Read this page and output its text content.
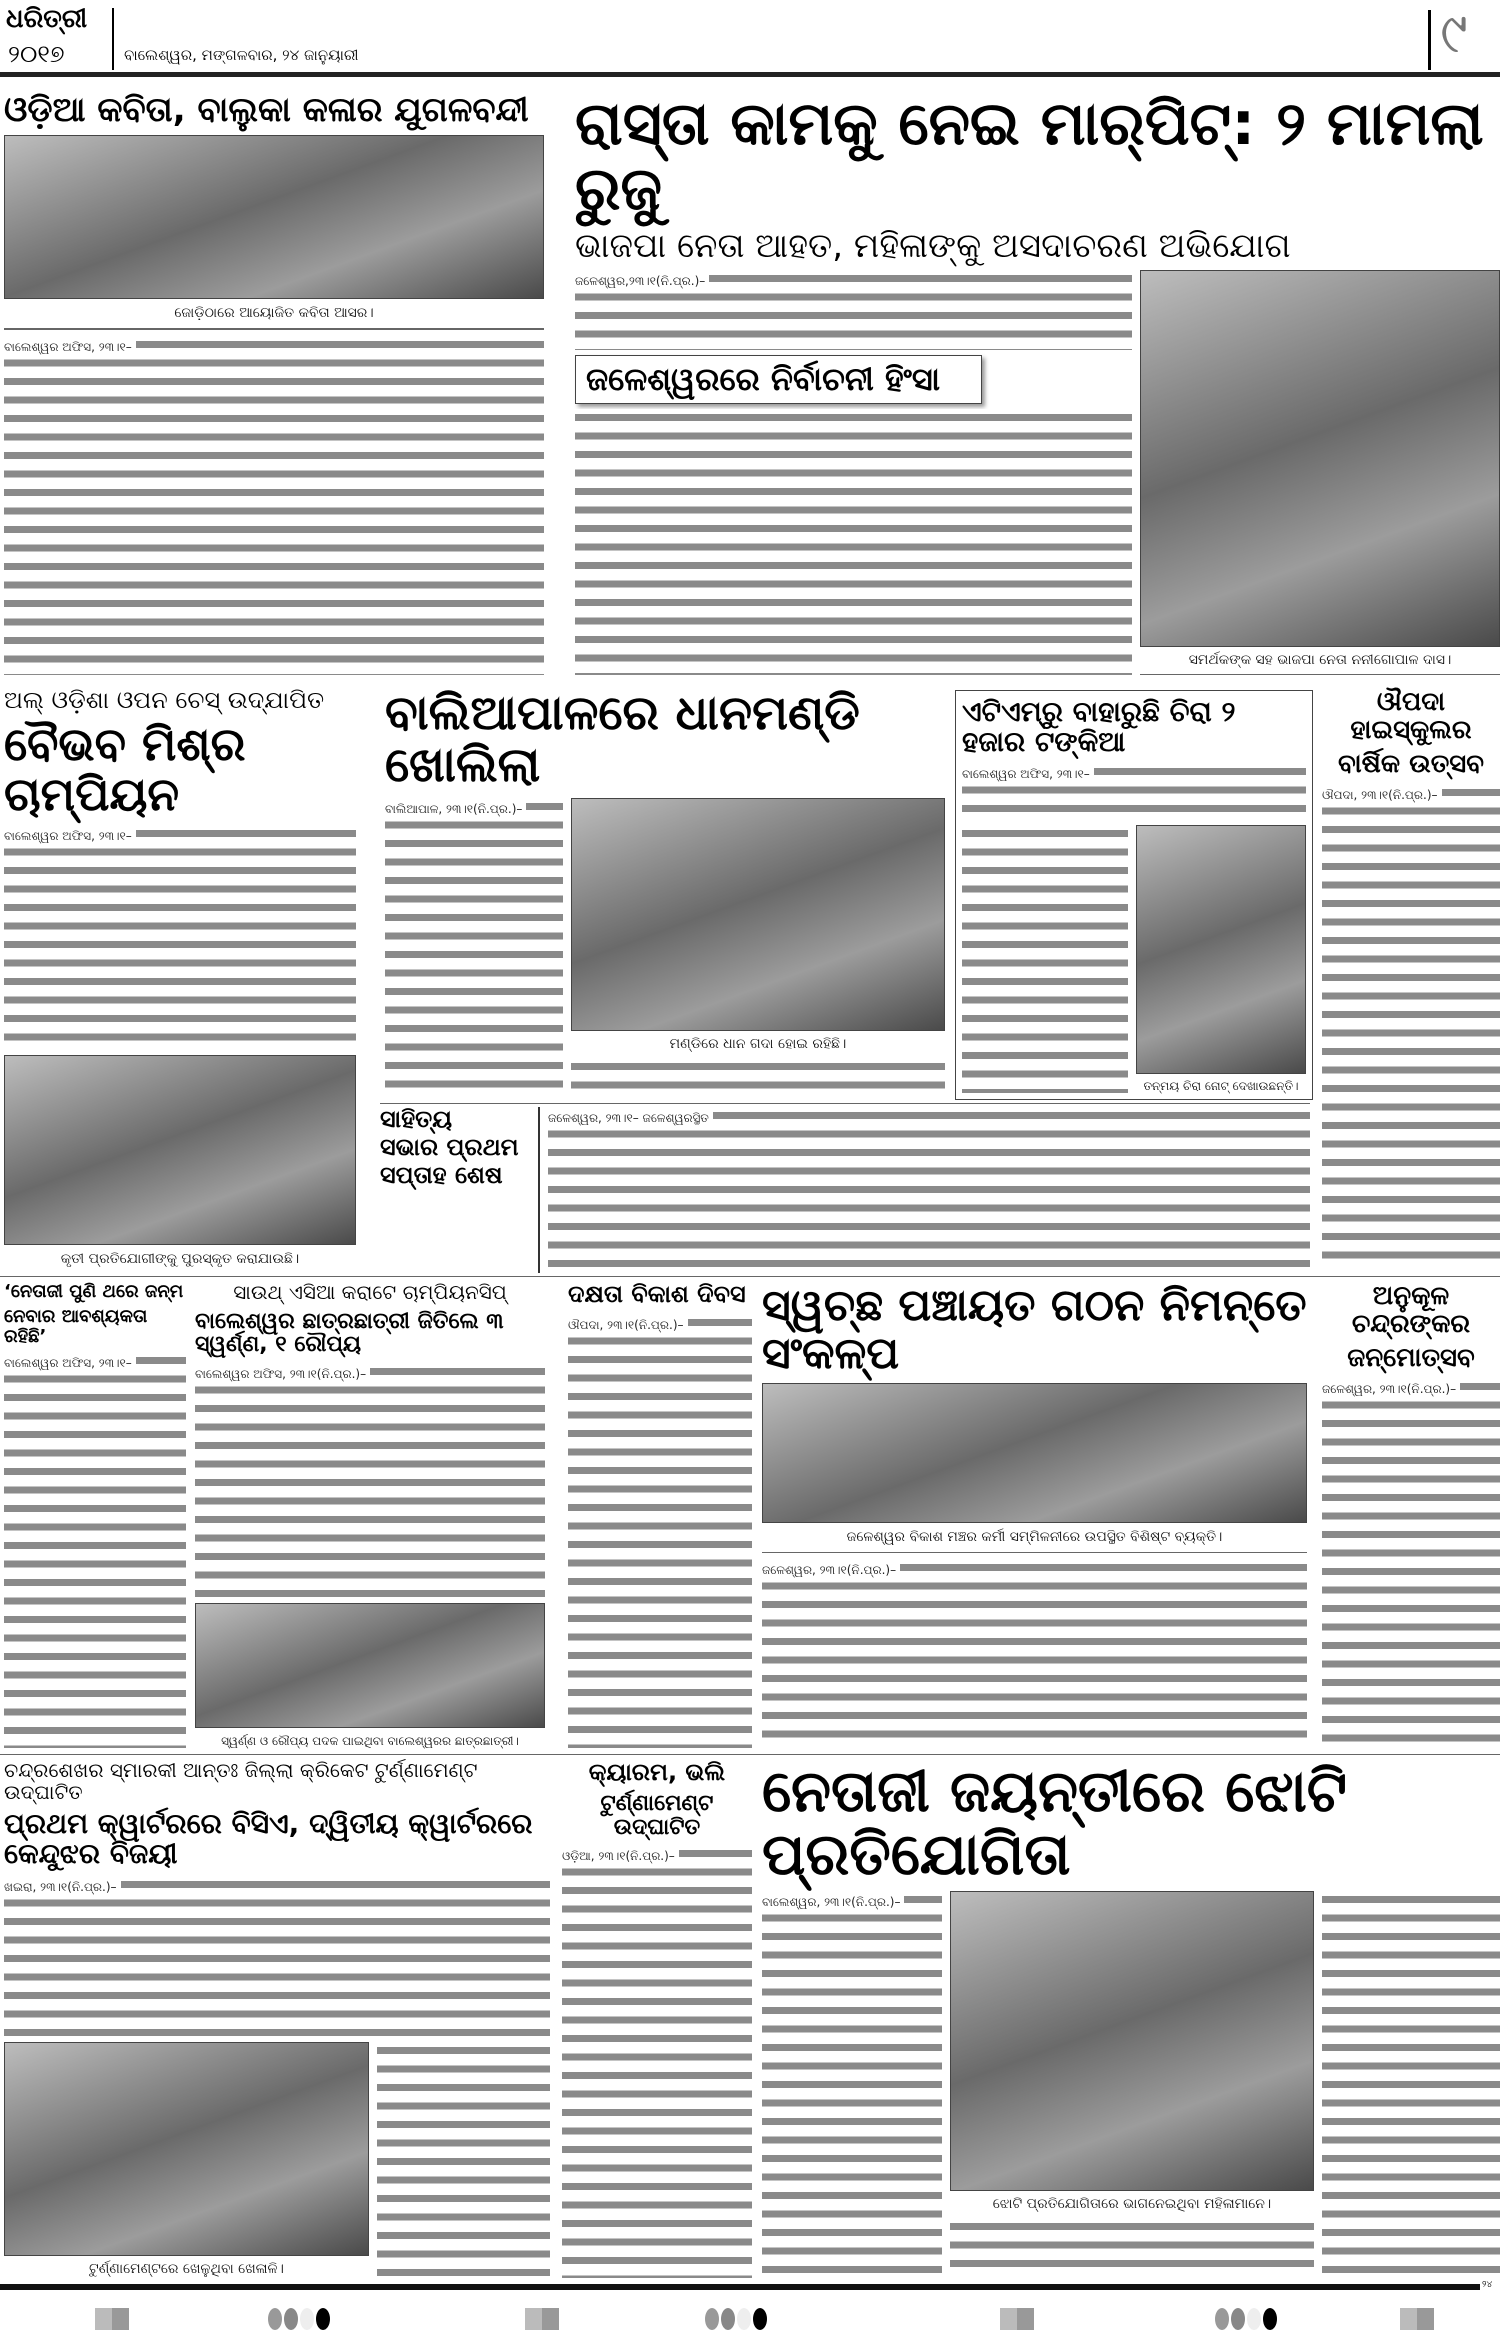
ଧରିତ୍ରୀ
୨୦୧୭	ବାଲେଶ୍ୱର, ମଙ୍ଗଳବାର, ୨୪ ଜାନୁୟାରୀ	୯
ଓଡ଼ିଆ କବିତା, ବାଲୁକା କଳାର ଯୁଗଳବନ୍ଦୀ
ଜୋଡ଼ିଠାରେ ଆୟୋଜିତ କବିତା ଆସର।
ବାଲେଶ୍ୱର ଅଫିସ, ୨୩।୧–
ରାସ୍ତା କାମକୁ ନେଇ ମାର୍‌ପିଟ୍: ୨ ମାମଲା ରୁଜୁ
ଭାଜପା ନେତା ଆହତ, ମହିଳାଙ୍କୁ ଅସଦାଚରଣ ଅଭିଯୋଗ
ଜଳେଶ୍ୱର,୨୩।୧(ନି.ପ୍ର.)–
ଜଳେଶ୍ୱରରେ ନିର୍ବାଚନୀ ହିଂସା
ସମର୍ଥକଙ୍କ ସହ ଭାଜପା ନେତା ନନୀଗୋପାଳ ଦାସ।
ଅଲ୍ ଓଡ଼ିଶା ଓପନ ଚେସ୍ ଉଦ୍‌ଯାପିତ
ବୈଭବ ମିଶ୍ର ଚାମ୍ପିୟନ
ବାଲେଶ୍ୱର ଅଫିସ, ୨୩।୧–
କୃତୀ ପ୍ରତିଯୋଗୀଙ୍କୁ ପୁରସ୍କୃତ କରାଯାଉଛି।
ବାଲିଆପାଳରେ ଧାନମଣ୍ଡି ଖୋଲିଲା
ବାଲିଆପାଳ, ୨୩।୧(ନି.ପ୍ର.)–
ମଣ୍ଡିରେ ଧାନ ଗଦା ହୋଇ ରହିଛି।
ଏଟିଏମ୍‌ରୁ ବାହାରୁଛି ଚିରା ୨ ହଜାର ଟଙ୍କିଆ
ବାଲେଶ୍ୱର ଅଫିସ, ୨୩।୧–
ତନ୍ମୟ ଚିରା ନୋଟ୍ ଦେଖାଉଛନ୍ତି।
ଔପଦା ହାଇସ୍କୁଲର
ବାର୍ଷିକ ଉତ୍ସବ
ଔପଦା, ୨୩।୧(ନି.ପ୍ର.)–
ସାହିତ୍ୟ
ସଭାର ପ୍ରଥମ
ସପ୍ତାହ ଶେଷ
ଜଳେଶ୍ୱର, ୨୩।୧– ଜଳେଶ୍ୱରସ୍ଥିତ
‘ନେତାଜୀ ପୁଣି ଥରେ ଜନ୍ମ
ନେବାର ଆବଶ୍ୟକତା ରହିଛି’
ବାଲେଶ୍ୱର ଅଫିସ, ୨୩।୧–
ସାଉଥ୍ ଏସିଆ କରାଟେ ଚାମ୍ପିୟନସିପ୍
ବାଲେଶ୍ୱର ଛାତ୍ରଛାତ୍ରୀ ଜିତିଲେ ୩ ସ୍ୱର୍ଣ୍ଣ, ୧ ରୌପ୍ୟ
ବାଲେଶ୍ୱର ଅଫିସ, ୨୩।୧(ନି.ପ୍ର.)–
ସ୍ୱର୍ଣ୍ଣ ଓ ରୌପ୍ୟ ପଦକ ପାଇଥିବା ବାଲେଶ୍ୱରର ଛାତ୍ରଛାତ୍ରୀ।
ଦକ୍ଷତା ବିକାଶ ଦିବସ
ଔପଦା, ୨୩।୧(ନି.ପ୍ର.)–	ସ୍ୱଚ୍ଛ ପଞ୍ଚାୟତ ଗଠନ ନିମନ୍ତେ ସଂକଳ୍ପ
ଜଳେଶ୍ୱର ବିକାଶ ମଞ୍ଚର କର୍ମୀ ସମ୍ମିଳନୀରେ ଉପସ୍ଥିତ ବିଶିଷ୍ଟ ବ୍ୟକ୍ତି।
ଜଳେଶ୍ୱର, ୨୩।୧(ନି.ପ୍ର.)–
ଅନୁକୂଳ ଚନ୍ଦ୍ରଙ୍କର
ଜନ୍ମୋତ୍ସବ
ଜଳେଶ୍ୱର, ୨୩।୧(ନି.ପ୍ର.)–
ଚନ୍ଦ୍ରଶେଖର ସ୍ମାରକୀ ଆନ୍ତଃ ଜିଲ୍ଲା କ୍ରିକେଟ ଟୁର୍ଣ୍ଣାମେଣ୍ଟ ଉଦ୍‌ଘାଟିତ
ପ୍ରଥମ କ୍ୱାର୍ଟରରେ ବିସିଏ, ଦ୍ୱିତୀୟ କ୍ୱାର୍ଟରରେ କେନ୍ଦୁଝର ବିଜୟୀ
ଖଇରା, ୨୩।୧(ନି.ପ୍ର.)–
ଟୁର୍ଣ୍ଣାମେଣ୍ଟରେ ଖେଳୁଥିବା ଖେଳାଳି।
କ୍ୟାରମ, ଭଲି
ଟୁର୍ଣ୍ଣାମେଣ୍ଟ ଉଦ୍‌ଘାଟିତ
ଓଡ଼ିଆ, ୨୩।୧(ନି.ପ୍ର.)–
ନେତାଜୀ ଜୟନ୍ତୀରେ ଝୋଟି ପ୍ରତିଯୋଗିତା
ବାଲେଶ୍ୱର, ୨୩।୧(ନି.ପ୍ର.)–
ଝୋଟି ପ୍ରତିଯୋଗିତାରେ ଭାଗନେଇଥିବା ମହିଳାମାନେ।
୨୪
